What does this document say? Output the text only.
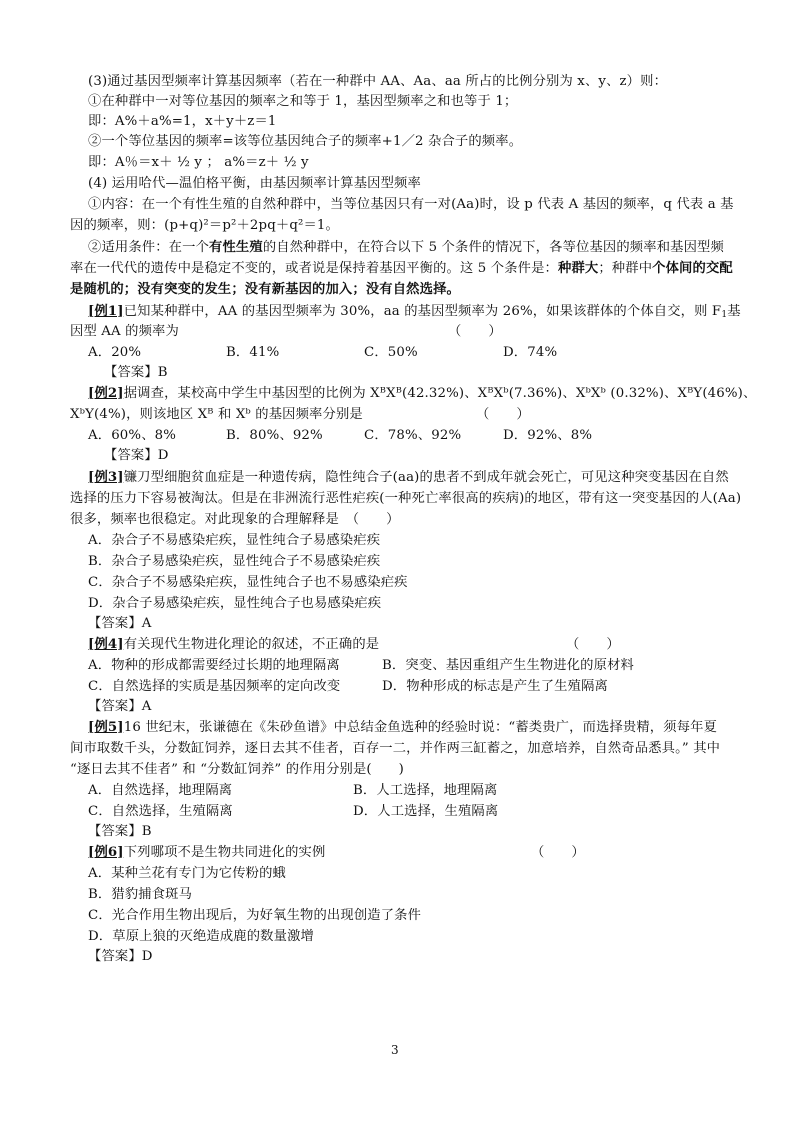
(3)通过基因型频率计算基因频率（若在一种群中 AA、Aa、aa 所占的比例分别为 x、y、z）则：
①在种群中一对等位基因的频率之和等于 1，基因型频率之和也等于 1；
即：A%＋a%=1，x＋y＋z＝1
②一个等位基因的频率=该等位基因纯合子的频率+1／2 杂合子的频率。
即：A％＝x＋ ½ y ； a%＝z＋ ½ y
(4) 运用哈代—温伯格平衡，由基因频率计算基因型频率
①内容：在一个有性生殖的自然种群中，当等位基因只有一对(Aa)时，设 p 代表 A 基因的频率，q 代表 a 基
因的频率，则：(p+q)²＝p²＋2pq＋q²＝1。
②适用条件：在一个有性生殖的自然种群中，在符合以下 5 个条件的情况下，各等位基因的频率和基因型频
率在一代代的遗传中是稳定不变的，或者说是保持着基因平衡的。这 5 个条件是：种群大；种群中个体间的交配
是随机的；没有突变的发生；没有新基因的加入；没有自然选择。
[例1]已知某种群中，AA 的基因型频率为 30%，aa 的基因型频率为 26%，如果该群体的个体自交，则 $F_1$基
因型 AA 的频率为	（　　）
A．20%	B．41%	C．50%	D．74%
【答案】B
[例2]据调查，某校高中学生中基因型的比例为 XᴮXᴮ(42.32%)、XᴮXᵇ(7.36%)、XᵇXᵇ (0.32%)、XᴮY(46%)、
XᵇY(4%)，则该地区 Xᴮ 和 Xᵇ 的基因频率分别是	（　　）
A．60%、8%	B．80%、92%	C．78%、92%	D．92%、8%
【答案】D
[例3]镰刀型细胞贫血症是一种遗传病，隐性纯合子(aa)的患者不到成年就会死亡，可见这种突变基因在自然
选择的压力下容易被淘汰。但是在非洲流行恶性疟疾(一种死亡率很高的疾病)的地区，带有这一突变基因的人(Aa)
很多，频率也很稳定。对此现象的合理解释是　（　　）
A．杂合子不易感染疟疾，显性纯合子易感染疟疾
B．杂合子易感染疟疾，显性纯合子不易感染疟疾
C．杂合子不易感染疟疾，显性纯合子也不易感染疟疾
D．杂合子易感染疟疾，显性纯合子也易感染疟疾
【答案】A
[例4]有关现代生物进化理论的叙述，不正确的是	（　　）
A．物种的形成都需要经过长期的地理隔离	B．突变、基因重组产生生物进化的原材料
C．自然选择的实质是基因频率的定向改变	D．物种形成的标志是产生了生殖隔离
【答案】A
[例5]16 世纪末，张谦德在《朱砂鱼谱》中总结金鱼选种的经验时说：“蓄类贵广，而选择贵精，须每年夏
间市取数千头，分数缸饲养，逐日去其不佳者，百存一二，并作两三缸蓄之，加意培养，自然奇品悉具。” 其中
“逐日去其不佳者” 和 “分数缸饲养” 的作用分别是(　　)
A．自然选择，地理隔离	B．人工选择，地理隔离
C．自然选择，生殖隔离	D．人工选择，生殖隔离
【答案】B
[例6]下列哪项不是生物共同进化的实例	（　　）
A．某种兰花有专门为它传粉的蛾
B．猎豹捕食斑马
C．光合作用生物出现后，为好氧生物的出现创造了条件
D．草原上狼的灭绝造成鹿的数量激增
【答案】D
3
